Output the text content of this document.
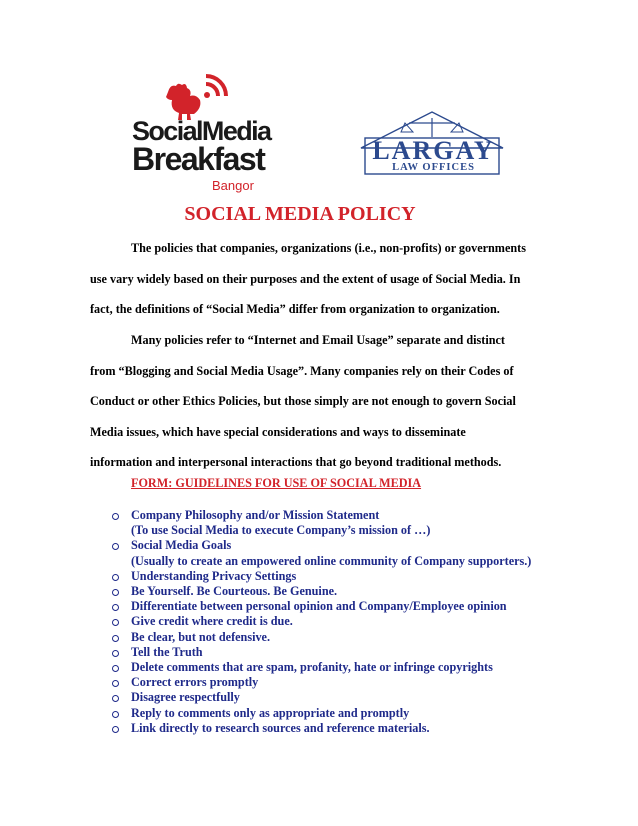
SocialMedia
Breakfast
Bangor
LARGAY
LAW OFFICES
SOCIAL MEDIA POLICY

The policies that companies, organizations (i.e., non-profits) or governments

use vary widely based on their purposes and the extent of usage of Social Media. In

fact, the definitions of “Social Media” differ from organization to organization.

Many policies refer to “Internet and Email Usage” separate and distinct

from “Blogging and Social Media Usage”. Many companies rely on their Codes of

Conduct or other Ethics Policies, but those simply are not enough to govern Social

Media issues, which have special considerations and ways to disseminate

information and interpersonal interactions that go beyond traditional methods.

FORM: GUIDELINES FOR USE OF SOCIAL MEDIA
Company Philosophy and/or Mission Statement
(To use Social Media to execute Company’s mission of …)
Social Media Goals
(Usually to create an empowered online community of Company supporters.)
Understanding Privacy Settings
Be Yourself. Be Courteous. Be Genuine.
Differentiate between personal opinion and Company/Employee opinion
Give credit where credit is due.
Be clear, but not defensive.
Tell the Truth
Delete comments that are spam, profanity, hate or infringe copyrights
Correct errors promptly
Disagree respectfully
Reply to comments only as appropriate and promptly
Link directly to research sources and reference materials.
